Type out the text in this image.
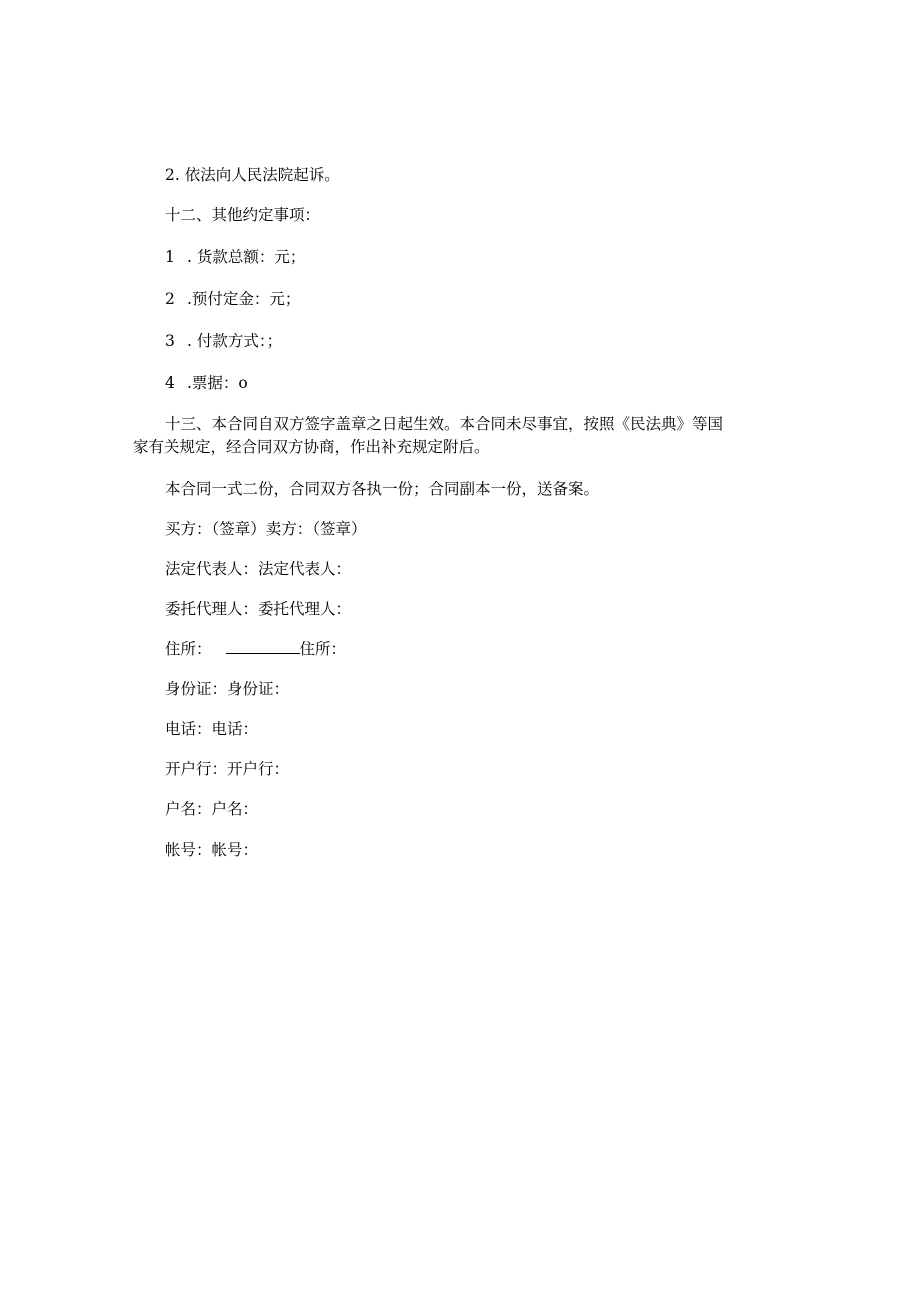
2. 依法向人民法院起诉。
十二、其他约定事项：
1 . 货款总额：元；
2 .预付定金：元；
3 . 付款方式：；
4 .票据：o
十三、本合同自双方签字盖章之日起生效。本合同未尽事宜，按照《民法典》等国
家有关规定，经合同双方协商，作出补充规定附后。
本合同一式二份，合同双方各执一份；合同副本一份，送备案。
买方：（签章）卖方：（签章）
法定代表人：法定代表人：
委托代理人：委托代理人：
住所：	住所：
身份证：身份证：
电话：电话：
开户行：开户行：
户名：户名：
帐号：帐号：
